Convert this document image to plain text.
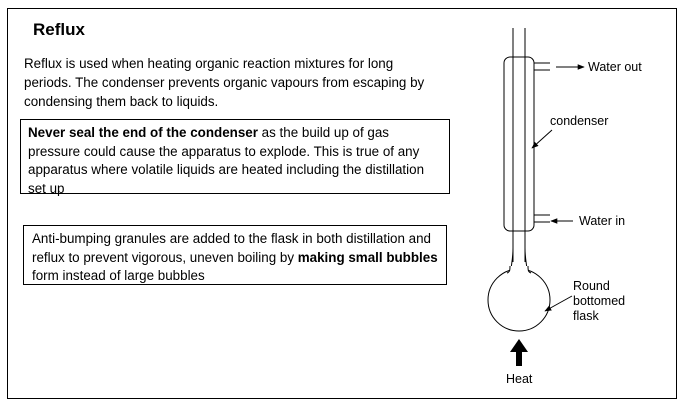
Reflux

Reflux is used when heating organic reaction mixtures for long periods. The condenser prevents organic vapours from escaping by condensing them back to liquids.

Never seal the end of the condenser as the build up of gas pressure could cause the apparatus to explode. This is true of any apparatus where volatile liquids are heated including the distillation set up
Anti-bumping granules are added to the flask in both distillation and reflux to prevent vigorous, uneven boiling by making small bubbles form instead of large bubbles
Water out
condenser
Water in
Round
bottomed
flask
Heat
